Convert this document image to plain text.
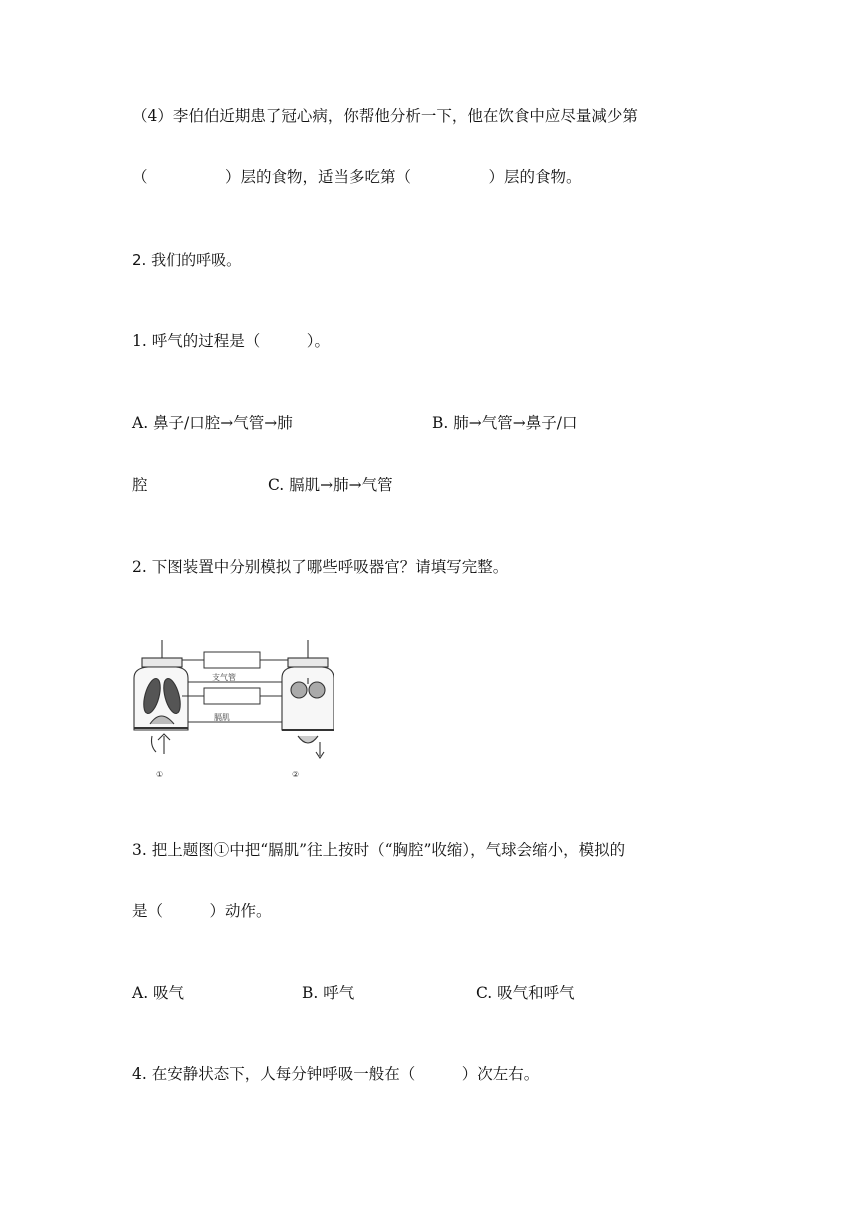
（4）李伯伯近期患了冠心病，你帮他分析一下，他在饮食中应尽量减少第
（　　　　　）层的食物，适当多吃第（　　　　　）层的食物。
2. 我们的呼吸。
1. 呼气的过程是（　　　）。
A. 鼻子/口腔→气管→肺	B. 肺→气管→鼻子/口
腔	C. 膈肌→肺→气管
2. 下图装置中分别模拟了哪些呼吸器官？请填写完整。
①
支气管
膈肌
②
3. 把上题图①中把“膈肌”往上按时（“胸腔”收缩），气球会缩小，模拟的
是（　　　）动作。
A. 吸气	B. 呼气	C. 吸气和呼气
4. 在安静状态下，人每分钟呼吸一般在（　　　）次左右。
